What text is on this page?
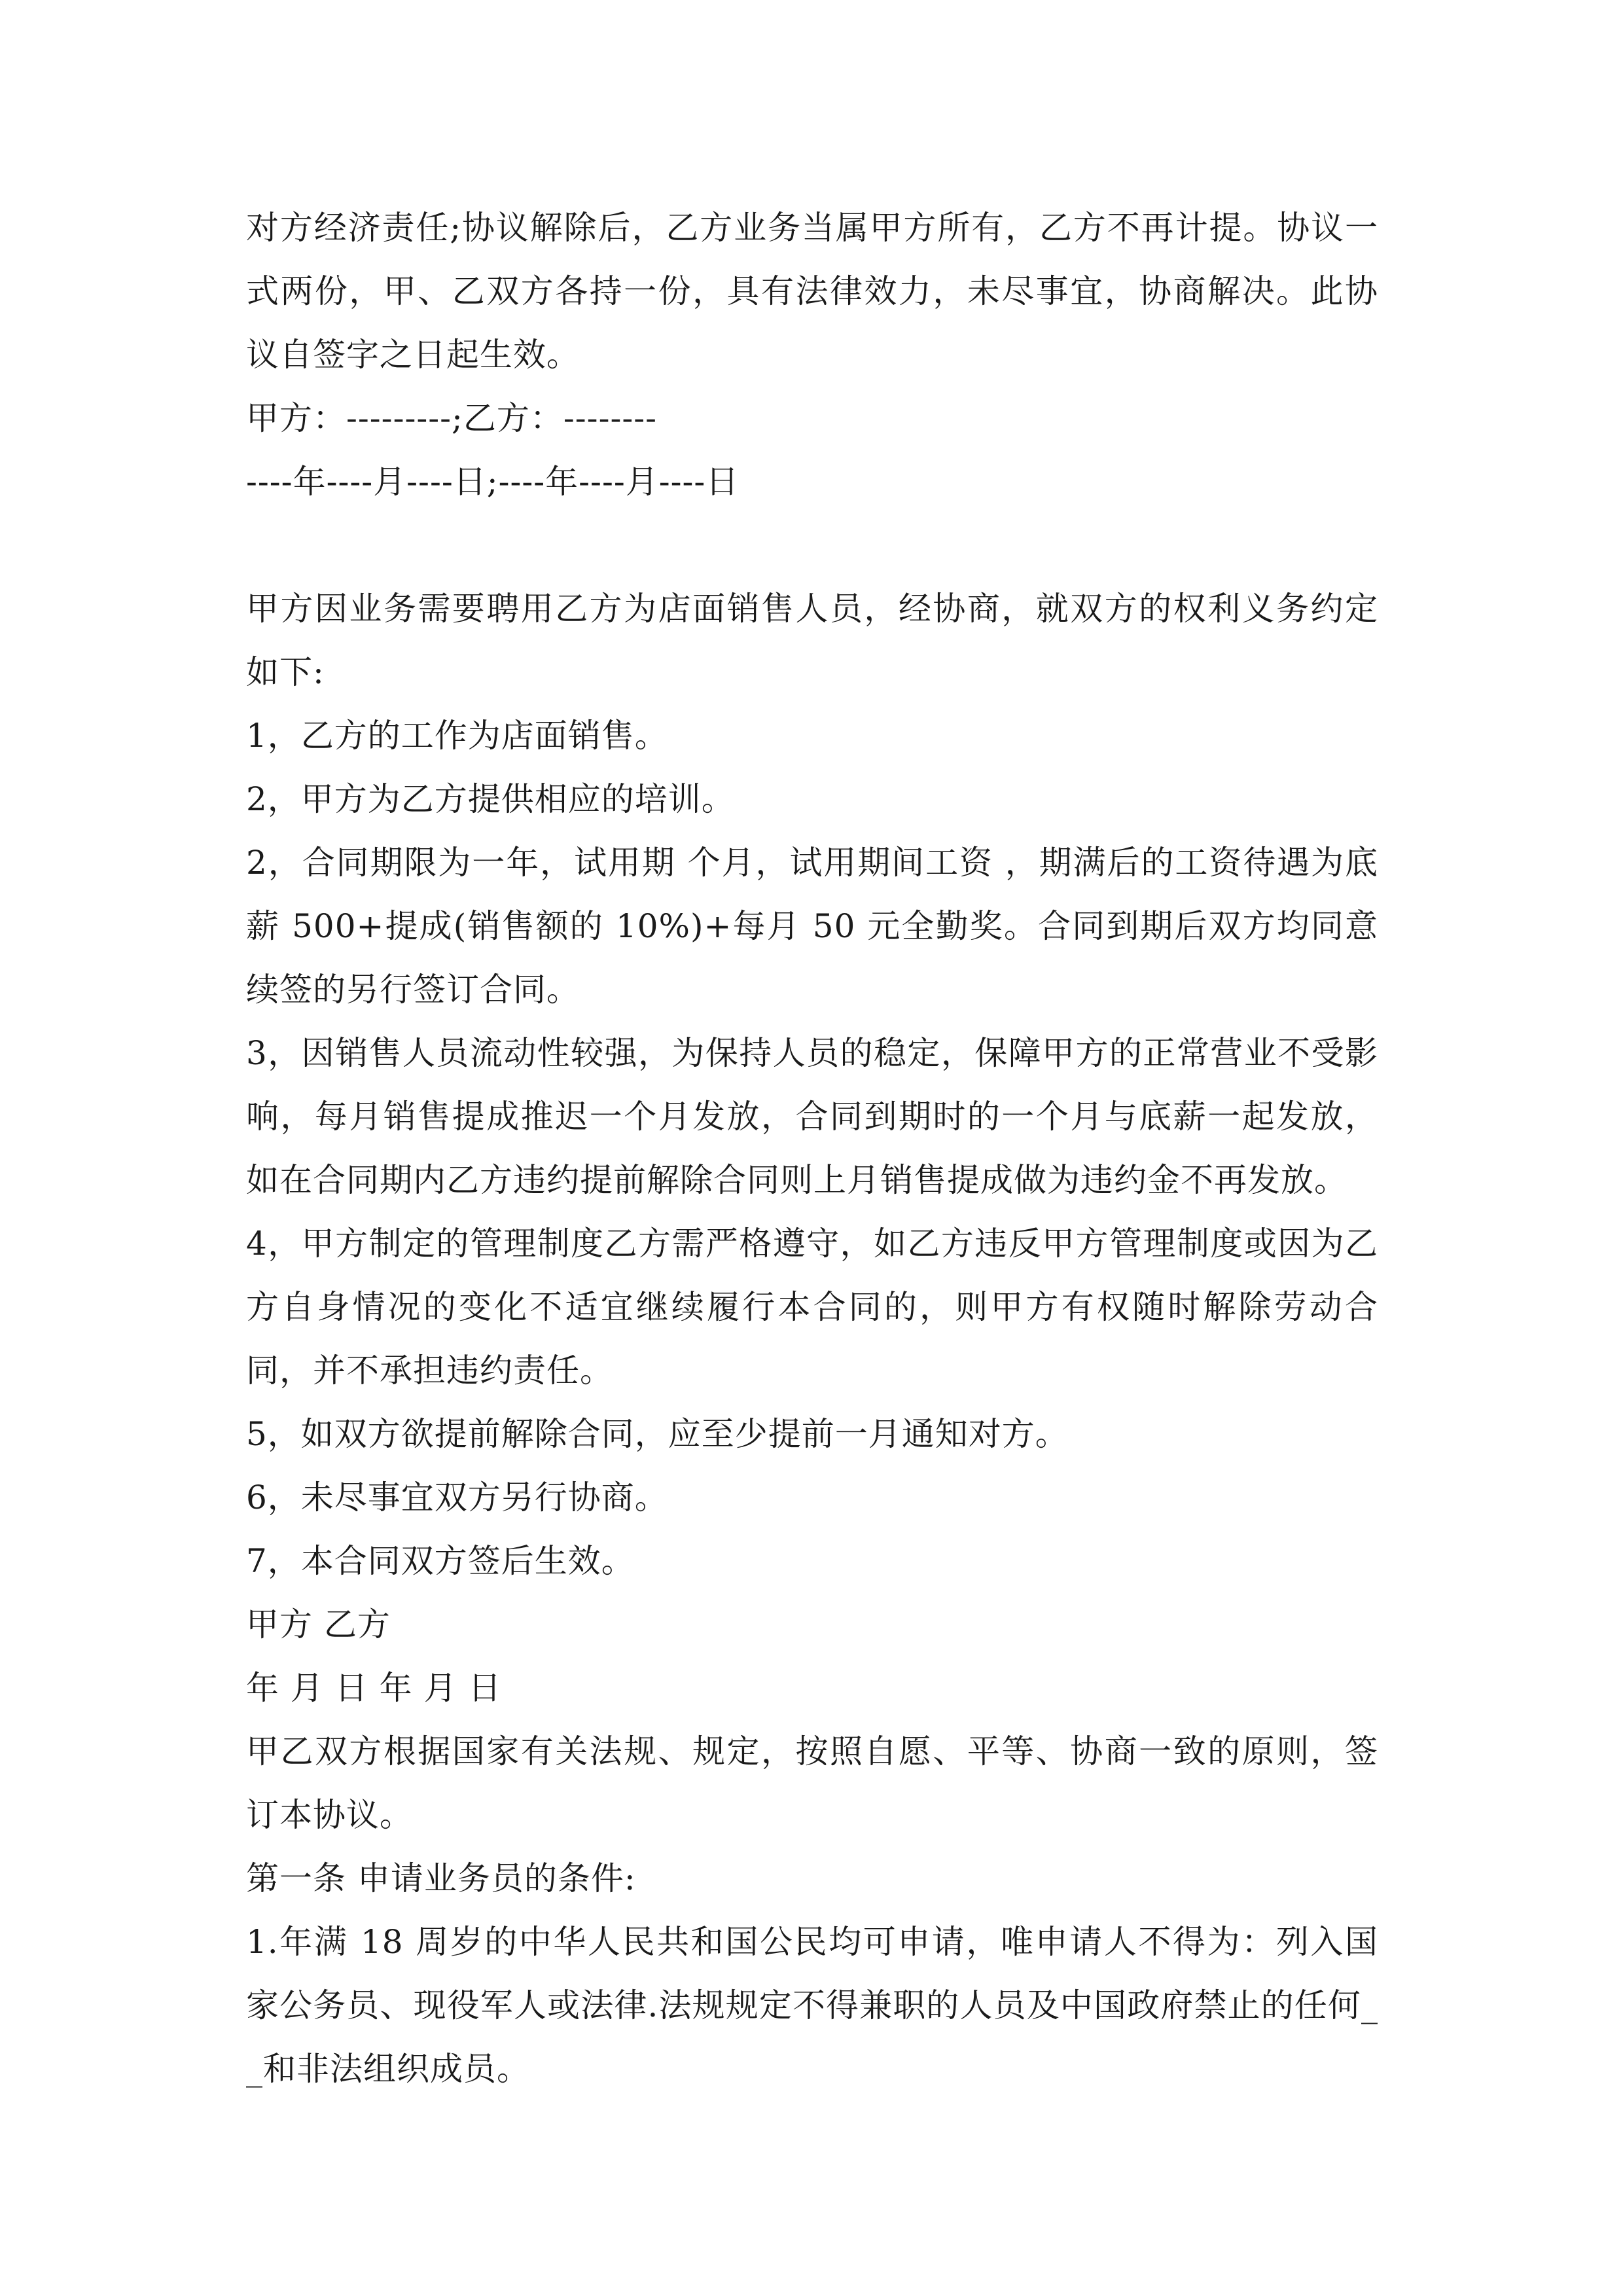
对方经济责任;协议解除后，乙方业务当属甲方所有，乙方不再计提。协议一式两份，甲、乙双方各持一份，具有法律效力，未尽事宜，协商解决。此协议自签字之日起生效。

甲方：---------;乙方：--------

----年----月----日;----年----月----日

甲方因业务需要聘用乙方为店面销售人员，经协商，就双方的权利义务约定如下:

1，乙方的工作为店面销售。

2，甲方为乙方提供相应的培训。

2，合同期限为一年，试用期 个月，试用期间工资 ，期满后的工资待遇为底薪 500+提成(销售额的 10%)+每月 50 元全勤奖。合同到期后双方均同意续签的另行签订合同。

3，因销售人员流动性较强，为保持人员的稳定，保障甲方的正常营业不受影响，每月销售提成推迟一个月发放，合同到期时的一个月与底薪一起发放，如在合同期内乙方违约提前解除合同则上月销售提成做为违约金不再发放。

4，甲方制定的管理制度乙方需严格遵守，如乙方违反甲方管理制度或因为乙方自身情况的变化不适宜继续履行本合同的，则甲方有权随时解除劳动合同，并不承担违约责任。

5，如双方欲提前解除合同，应至少提前一月通知对方。

6，未尽事宜双方另行协商。

7，本合同双方签后生效。

甲方 乙方

年 月 日 年 月 日

甲乙双方根据国家有关法规、规定，按照自愿、平等、协商一致的原则，签订本协议。

第一条 申请业务员的条件:

1.年满 18 周岁的中华人民共和国公民均可申请，唯申请人不得为：列入国家公务员、现役军人或法律.法规规定不得兼职的人员及中国政府禁止的任何__和非法组织成员。
